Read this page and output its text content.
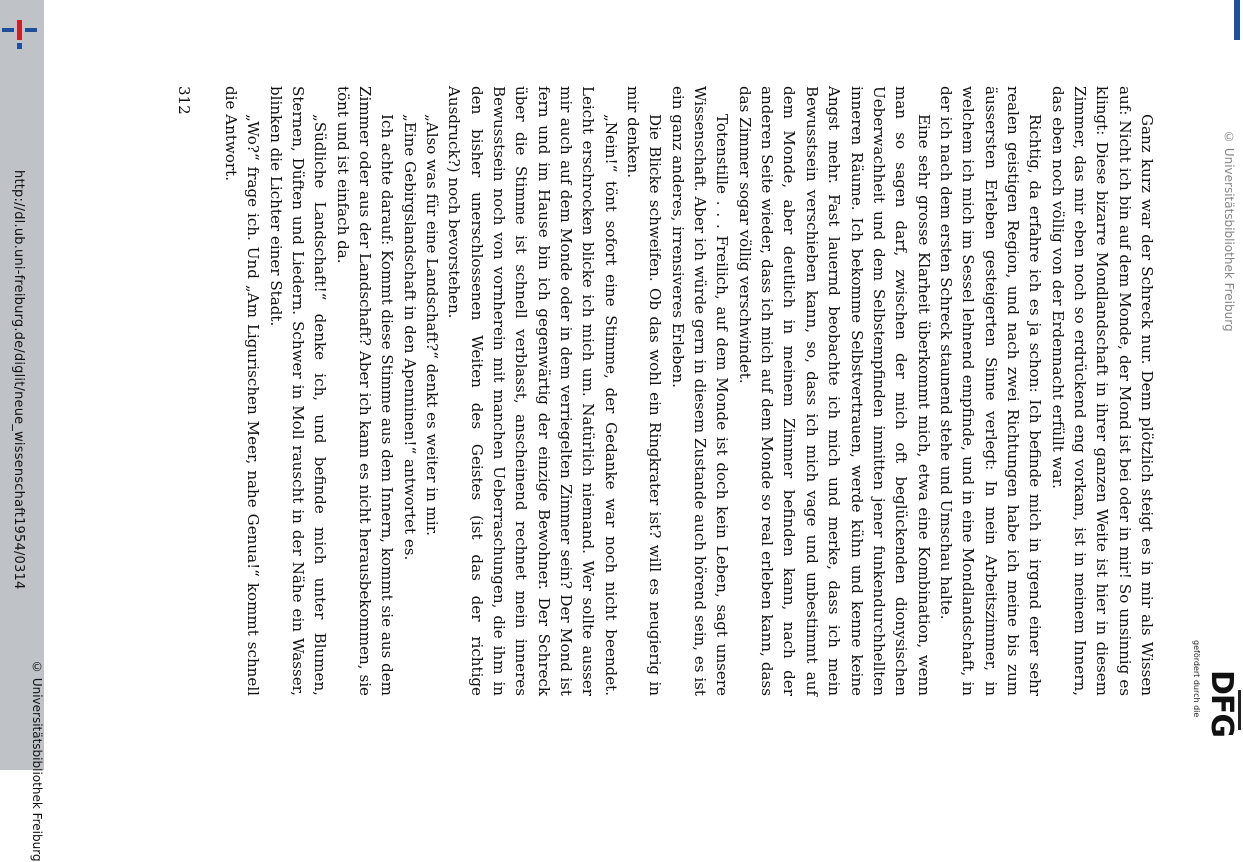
http://dl.ub.uni-freiburg.de/diglit/neue_wissenschaft1954/0314
© Universitätsbibliothek Freiburg
© Universitätsbibliothek Freiburg
gefördert durch die DFG

Ganz kurz war der Schreck nur. Denn plötzlich steigt es in mir als Wissen auf: Nicht ich bin auf dem Monde, der Mond ist bei oder in mir! So unsinnig es klingt: Diese bizarre Mondlandschaft in ihrer ganzen Weite ist hier in diesem Zimmer, das mir eben noch so erdrückend eng vorkam, ist in meinem Innern, das eben noch völlig von der Erdennacht erfüllt war.

Richtig, da erfahre ich es ja schon: Ich befinde mich in irgend einer sehr realen geistigen Region, und nach zwei Richtungen habe ich meine bis zum äussersten Erleben gesteigerten Sinne verlegt: In mein Arbeitszimmer, in welchem ich mich im Sessel lehnend empfinde, und in eine Mondlandschaft, in der ich nach dem ersten Schreck staunend stehe und Umschau halte.

Eine sehr grosse Klarheit überkommt mich, etwa eine Kombination, wenn man so sagen darf, zwischen der mich oft beglückenden dionysischen Ueberwachheit und dem Selbstempfinden inmitten jener funkendurchhellten inneren Räume. Ich bekomme Selbstvertrauen, werde kühn und kenne keine Angst mehr. Fast lauernd beobachte ich mich und merke, dass ich mein Bewusstsein verschieben kann, so, dass ich mich vage und unbestimmt auf dem Monde, aber deutlich in meinem Zimmer befinden kann, nach der anderen Seite wieder, dass ich mich auf dem Monde so real erleben kann, dass das Zimmer sogar völlig verschwindet.

Totenstille . . . Freilich, auf dem Monde ist doch kein Leben, sagt unsere Wissenschaft. Aber ich würde gern in diesem Zustande auch hörend sein, es ist ein ganz anderes, irrensiveres Erleben.

Die Blicke schweifen. Ob das wohl ein Ringkrater ist? will es neugierig in mir denken.

„Nein!“ tönt sofort eine Stimme, der Gedanke war noch nicht beendet. Leicht erschrocken blicke ich mich um. Natürlich niemand. Wer sollte ausser mir auch auf dem Monde oder in dem verriegelten Zimmer sein? Der Mond ist fern und im Hause bin ich gegenwärtig der einzige Bewohner. Der Schreck über die Stimme ist schnell verblasst, anscheinend rechnet mein inneres Bewusstsein noch von vornherein mit manchen Ueberraschungen, die ihm in den bisher unerschlossenen Weiten des Geistes (ist das der richtige Ausdruck?) noch bevorstehen.

„Also was für eine Landschaft?“ denkt es weiter in mir.

„Eine Gebirgslandschaft in den Apenninen!“ antwortet es.

Ich achte darauf: Kommt diese Stimme aus dem Innern, kommt sie aus dem Zimmer oder aus der Landschaft? Aber ich kann es nicht herausbekommen, sie tönt und ist einfach da.

„Südliche Landschaft!“ denke ich, und befinde mich unter Blumen, Sternen, Düften und Liedern. Schwer in Moll rauscht in der Nähe ein Wasser, blinken die Lichter einer Stadt.

„Wo?“ frage ich. Und „Am Ligurischen Meer, nahe Genua!“ kommt schnell die Antwort.

312
